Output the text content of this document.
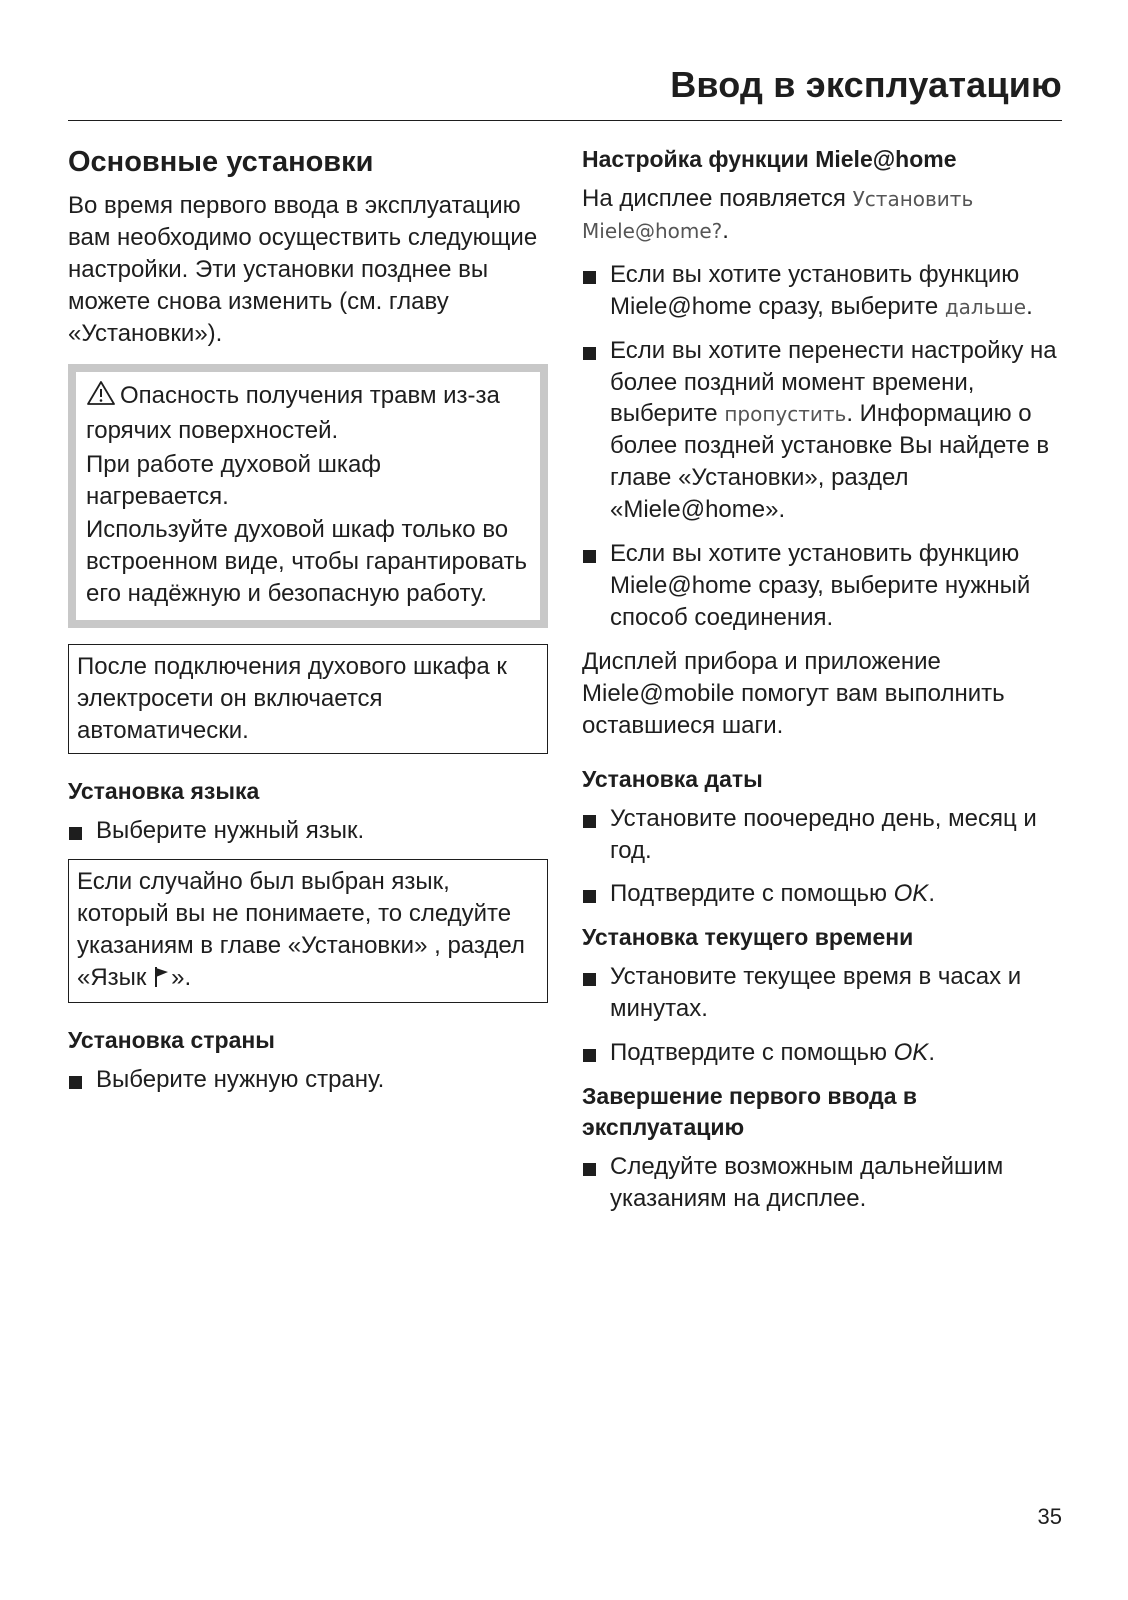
Ввод в эксплуатацию
Основные установки

Во время первого ввода в эксплуатацию вам необходимо осуществить следующие настройки. Эти установки позднее вы можете снова изменить (см. главу «Установки»).

Опасность получения травм из-за горячих поверхностей.

При работе духовой шкаф нагревается.

Используйте духовой шкаф только во встроенном виде, чтобы гарантировать его надёжную и безопасную работу.

После подключения духового шкафа к электросети он включается автоматически.

Установка языка
Выберите нужный язык.

Если случайно был выбран язык, который вы не понимаете, то следуйте указаниям в главе «Установки» , раздел «Язык ».

Установка страны
Выберите нужную страну.
Настройка функции Miele@home

На дисплее появляется Установить Miele@home?.

Если вы хотите установить функцию Miele@home сразу, выберите дальше.
Если вы хотите перенести настройку на более поздний момент времени, выберите пропустить. Информацию о более поздней установке Вы найдете в главе «Установки», раздел «Miele@home».
Если вы хотите установить функцию Miele@home сразу, выберите нужный способ соединения.

Дисплей прибора и приложение Miele@mobile помогут вам выполнить оставшиеся шаги.

Установка даты
Установите поочередно день, месяц и год.
Подтвердите с помощью OK.
Установка текущего времени
Установите текущее время в часах и минутах.
Подтвердите с помощью OK.
Завершение первого ввода в эксплуатацию
Следуйте возможным дальнейшим указаниям на дисплее.
35
